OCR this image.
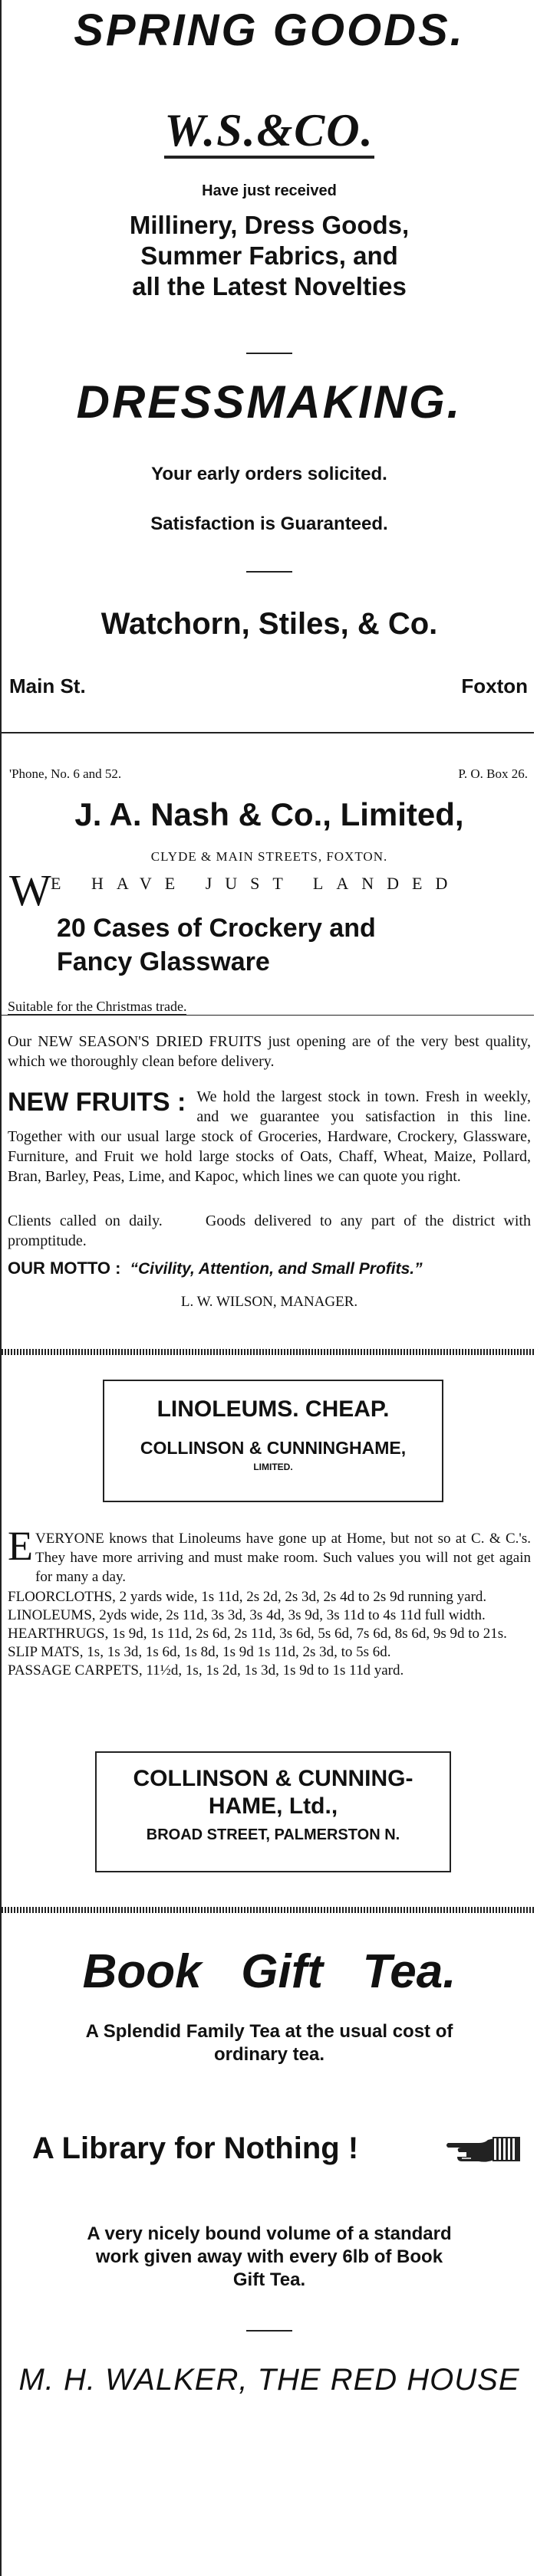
SPRING GOODS.
W.S.&CO.
Have just received
Millinery, Dress Goods,
Summer Fabrics, and
all the Latest Novelties
DRESSMAKING.
Your early orders solicited.
Satisfaction is Guaranteed.
Watchorn, Stiles, & Co.
Main St.	Foxton
'Phone, No. 6 and 52.	P. O. Box 26.
J. A. Nash & Co., Limited,
CLYDE & MAIN STREETS, FOXTON.
W E HAVE JUST LANDED
20 Cases of Crockery and
Fancy Glassware
Suitable for the Christmas trade.
Our NEW SEASON'S DRIED FRUITS just opening are of the very best quality, which we thoroughly clean before delivery.
NEW FRUITS : We hold the largest stock in town. Fresh in weekly, and we guarantee you satisfaction in this line. Together with our usual large stock of Groceries, Hardware, Crockery, Glassware, Furniture, and Fruit we hold large stocks of Oats, Chaff, Wheat, Maize, Pollard, Bran, Barley, Peas, Lime, and Kapoc, which lines we can quote you right.
Clients called on daily.     Goods delivered to any part of the district with promptitude.
OUR MOTTO : “Civility, Attention, and Small Profits.”
L. W. WILSON, MANAGER.
LINOLEUMS. CHEAP.
COLLINSON & CUNNINGHAME,
LIMITED.
E VERYONE knows that Linoleums have gone up at Home, but not so at C. & C.'s. They have more arriving and must make room. Such values you will not get again for many a day.
FLOORCLOTHS, 2 yards wide, 1s 11d, 2s 2d, 2s 3d, 2s 4d to 2s 9d running yard.
LINOLEUMS, 2yds wide, 2s 11d, 3s 3d, 3s 4d, 3s 9d, 3s 11d to 4s 11d full width.
HEARTHRUGS, 1s 9d, 1s 11d, 2s 6d, 2s 11d, 3s 6d, 5s 6d, 7s 6d, 8s 6d, 9s 9d to 21s.
SLIP MATS, 1s, 1s 3d, 1s 6d, 1s 8d, 1s 9d 1s 11d, 2s 3d, to 5s 6d.
PASSAGE CARPETS, 11½d, 1s, 1s 2d, 1s 3d, 1s 9d to 1s 11d yard.
COLLINSON & CUNNING-
HAME, Ltd.,
BROAD STREET, PALMERSTON N.
Book   Gift   Tea.
A Splendid Family Tea at the usual cost of
ordinary tea.
A Library for Nothing !
A very nicely bound volume of a standard
work given away with every 6lb of Book
Gift Tea.
M. H. WALKER, THE RED HOUSE
